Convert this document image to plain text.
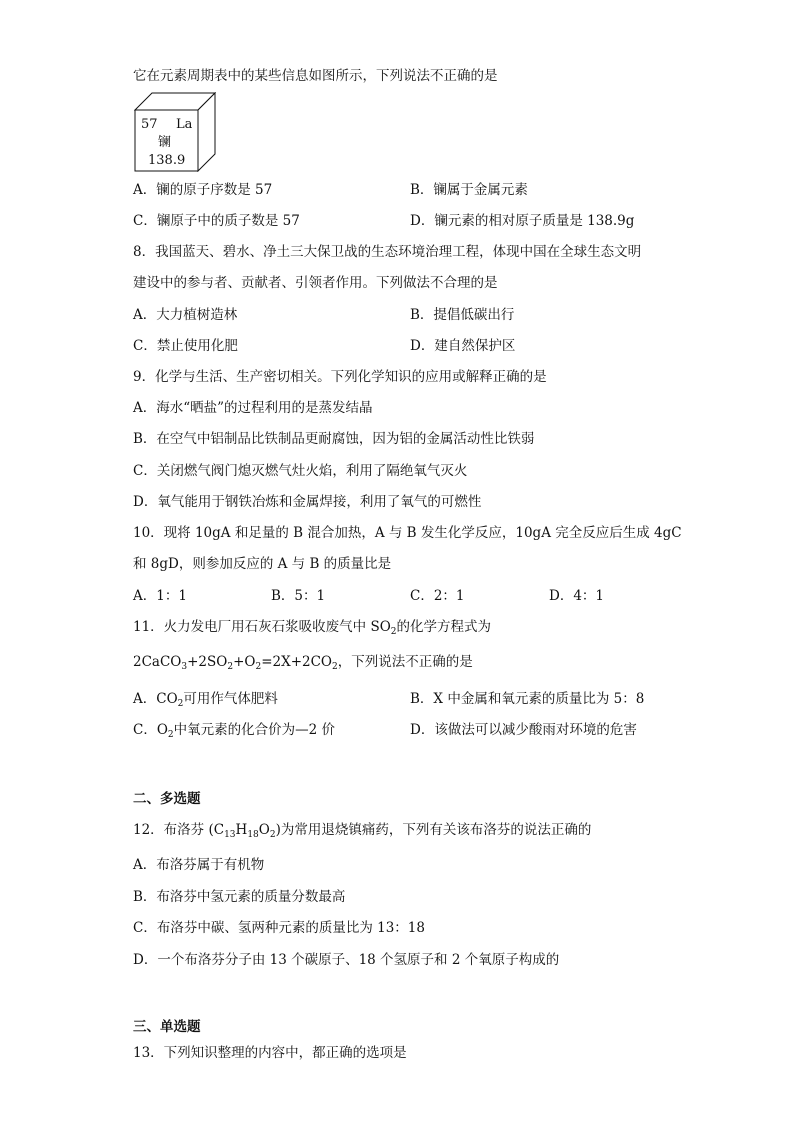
它在元素周期表中的某些信息如图所示，下列说法不正确的是
57 La
镧
138.9
A．镧的原子序数是 57	B．镧属于金属元素
C．镧原子中的质子数是 57	D．镧元素的相对原子质量是 138.9g
8．我国蓝天、碧水、净土三大保卫战的生态环境治理工程，体现中国在全球生态文明
建设中的参与者、贡献者、引领者作用。下列做法不合理的是
A．大力植树造林	B．提倡低碳出行
C．禁止使用化肥	D．建自然保护区
9．化学与生活、生产密切相关。下列化学知识的应用或解释正确的是
A．海水“晒盐”的过程利用的是蒸发结晶
B．在空气中铝制品比铁制品更耐腐蚀，因为铝的金属活动性比铁弱
C．关闭燃气阀门熄灭燃气灶火焰，利用了隔绝氧气灭火
D．氧气能用于钢铁冶炼和金属焊接，利用了氧气的可燃性
10．现将 10gA 和足量的 B 混合加热，A 与 B 发生化学反应，10gA 完全反应后生成 4gC
和 8gD，则参加反应的 A 与 B 的质量比是
A．1：1	B．5：1	C．2：1	D．4：1
11．火力发电厂用石灰石浆吸收废气中 $SO_2$的化学方程式为
$2CaCO_3+2SO_2+O_2=2X+2CO_2$，下列说法不正确的是
A．$CO_2$可用作气体肥料	B．X 中金属和氧元素的质量比为 5：8
C．$O_2$中氧元素的化合价为—2 价	D．该做法可以减少酸雨对环境的危害
二、多选题
12．布洛芬 $(C_{13}H_{18}O_2)$为常用退烧镇痛药，下列有关该布洛芬的说法正确的
A．布洛芬属于有机物
B．布洛芬中氢元素的质量分数最高
C．布洛芬中碳、氢两种元素的质量比为 13：18
D．一个布洛芬分子由 13 个碳原子、18 个氢原子和 2 个氧原子构成的
三、单选题
13．下列知识整理的内容中，都正确的选项是
